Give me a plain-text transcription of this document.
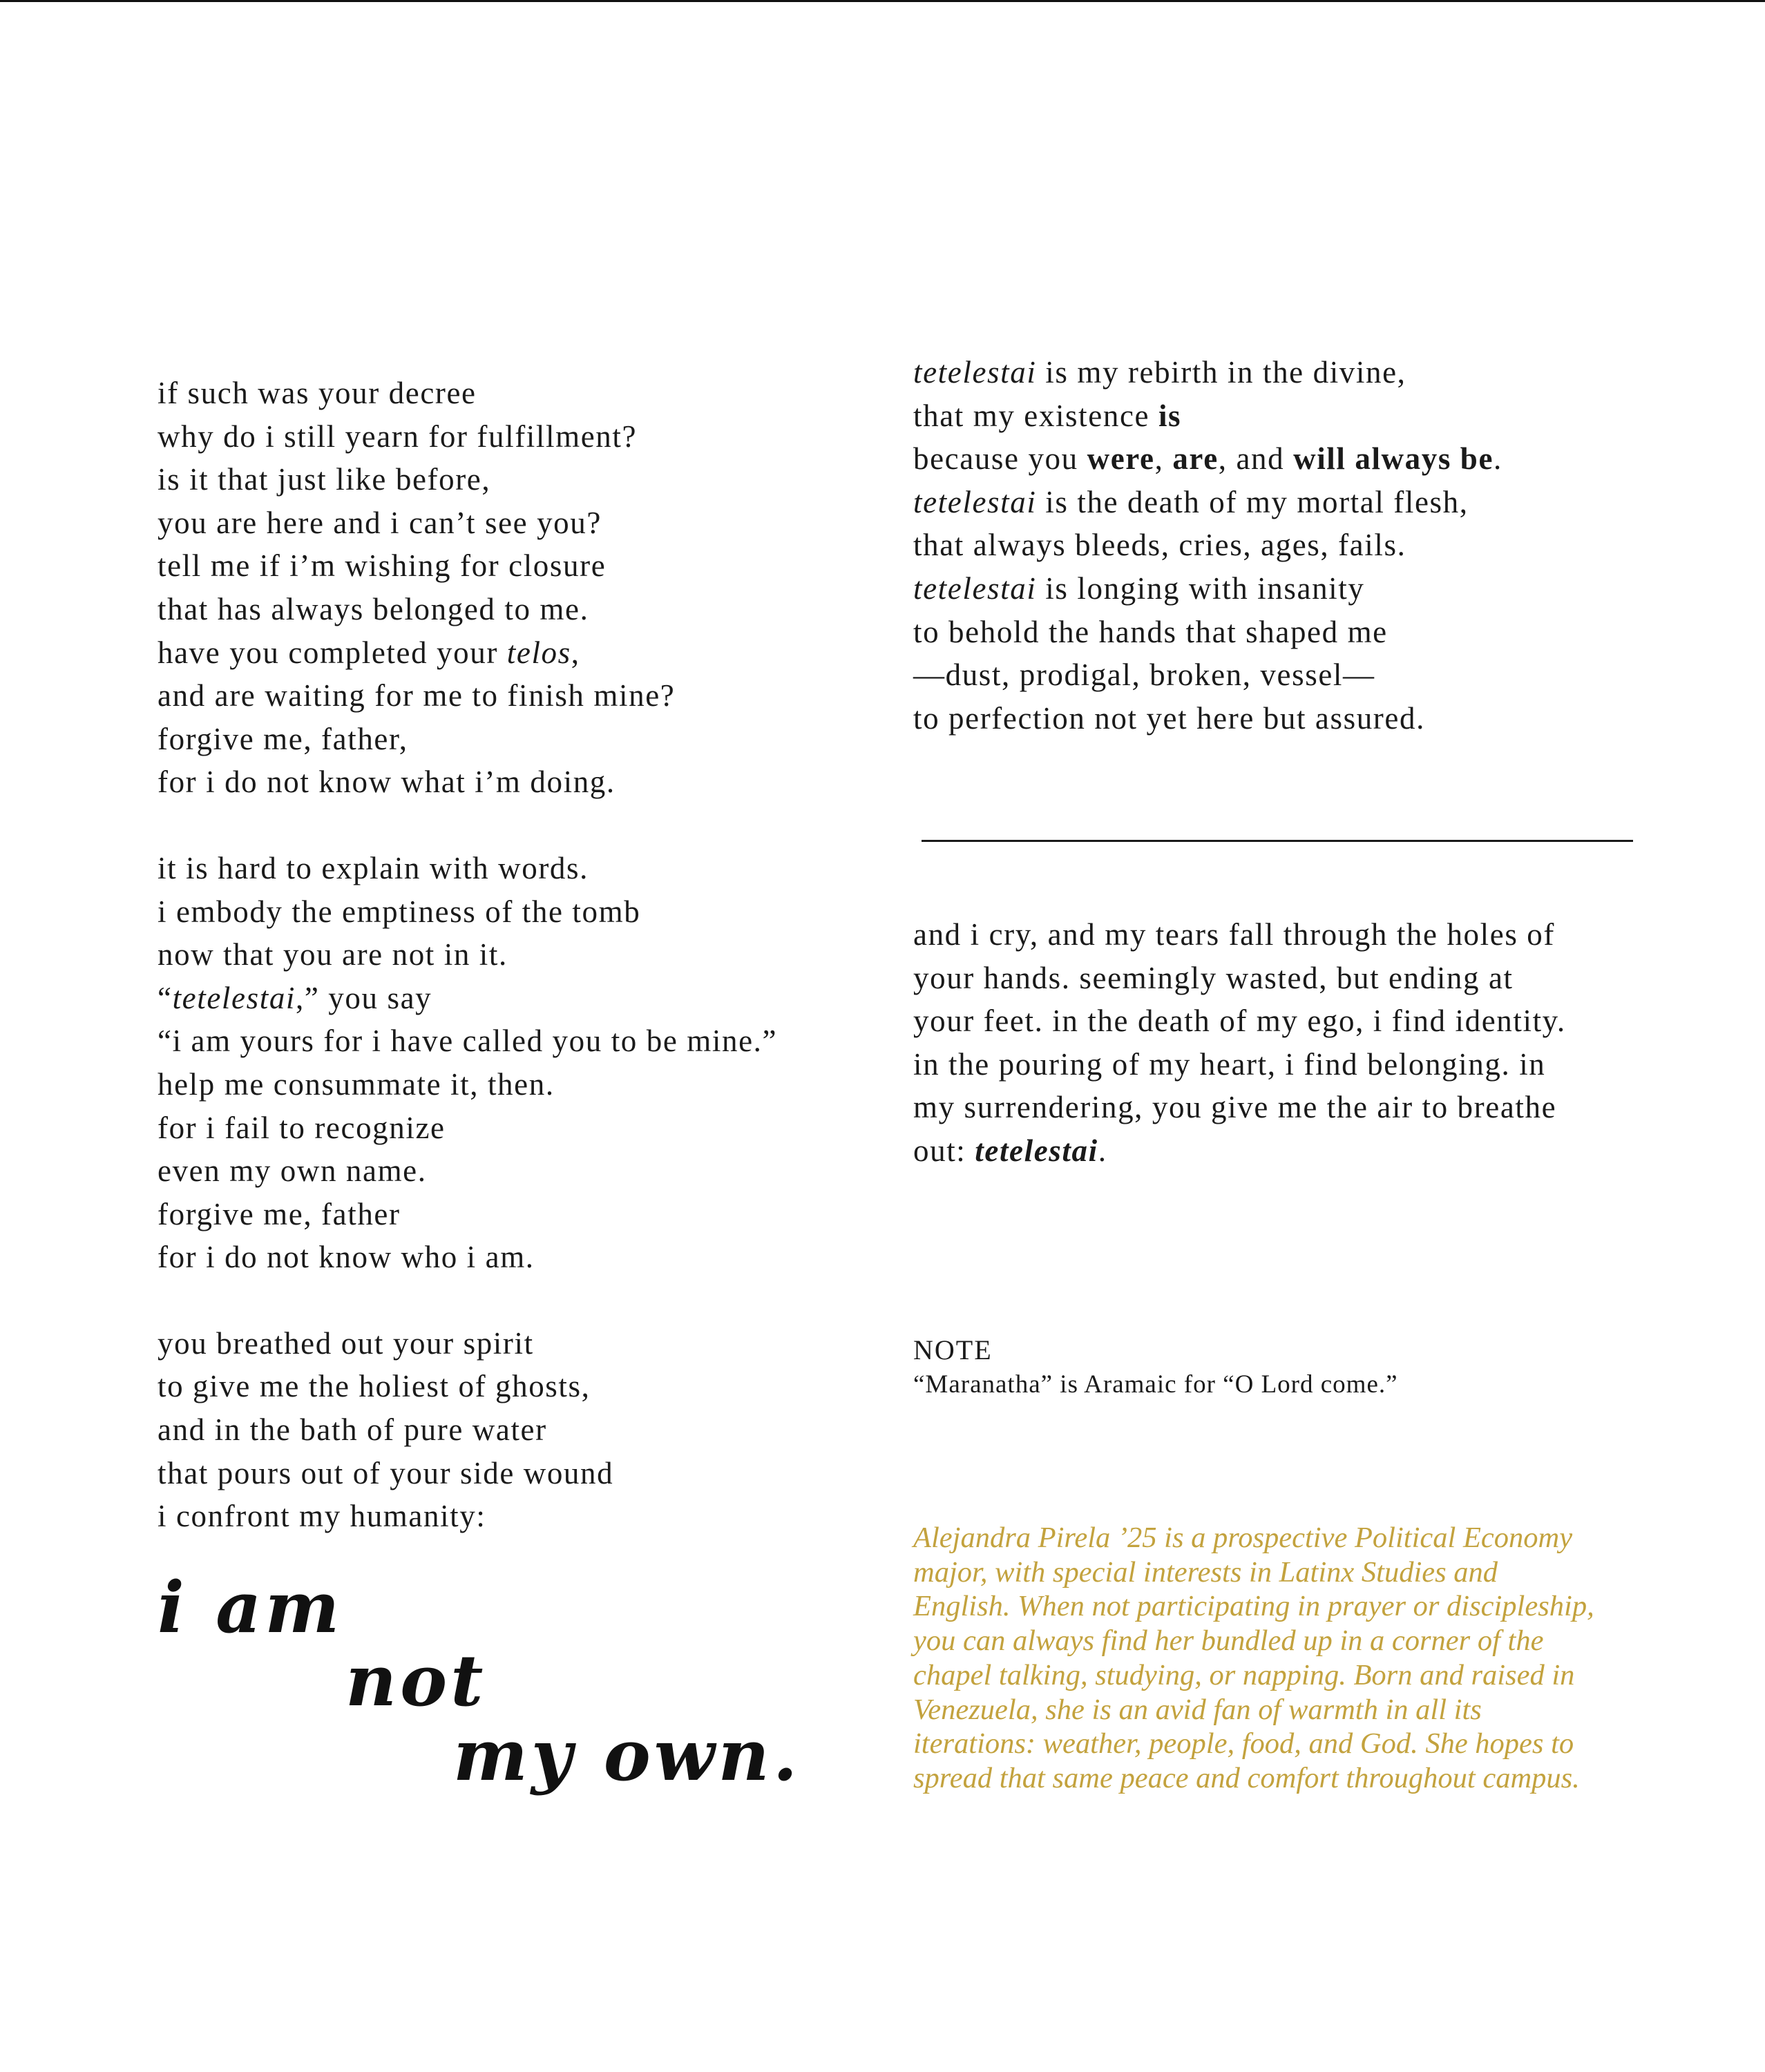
if such was your decree
why do i still yearn for fulfillment?
is it that just like before,
you are here and i can’t see you?
tell me if i’m wishing for closure
that has always belonged to me.
have you completed your telos,
and are waiting for me to finish mine?
forgive me, father,
for i do not know what i’m doing.
it is hard to explain with words.
i embody the emptiness of the tomb
now that you are not in it.
“tetelestai,” you say
“i am yours for i have called you to be mine.”
help me consummate it, then.
for i fail to recognize
even my own name.
forgive me, father
for i do not know who i am.
you breathed out your spirit
to give me the holiest of ghosts,
and in the bath of pure water
that pours out of your side wound
i confront my humanity:
i am
not
my own.
tetelestai is my rebirth in the divine,
that my existence is
because you were, are, and will always be.
tetelestai is the death of my mortal flesh,
that always bleeds, cries, ages, fails.
tetelestai is longing with insanity
to behold the hands that shaped me
—dust, prodigal, broken, vessel—
to perfection not yet here but assured.
and i cry, and my tears fall through the holes of
your hands. seemingly wasted, but ending at
your feet. in the death of my ego, i find identity.
in the pouring of my heart, i find belonging. in
my surrendering, you give me the air to breathe
out: tetelestai.
NOTE
“Maranatha” is Aramaic for “O Lord come.”
Alejandra Pirela ’25 is a prospective Political Economy
major, with special interests in Latinx Studies and
English. When not participating in prayer or discipleship,
you can always find her bundled up in a corner of the
chapel talking, studying, or napping. Born and raised in
Venezuela, she is an avid fan of warmth in all its
iterations: weather, people, food, and God. She hopes to
spread that same peace and comfort throughout campus.
